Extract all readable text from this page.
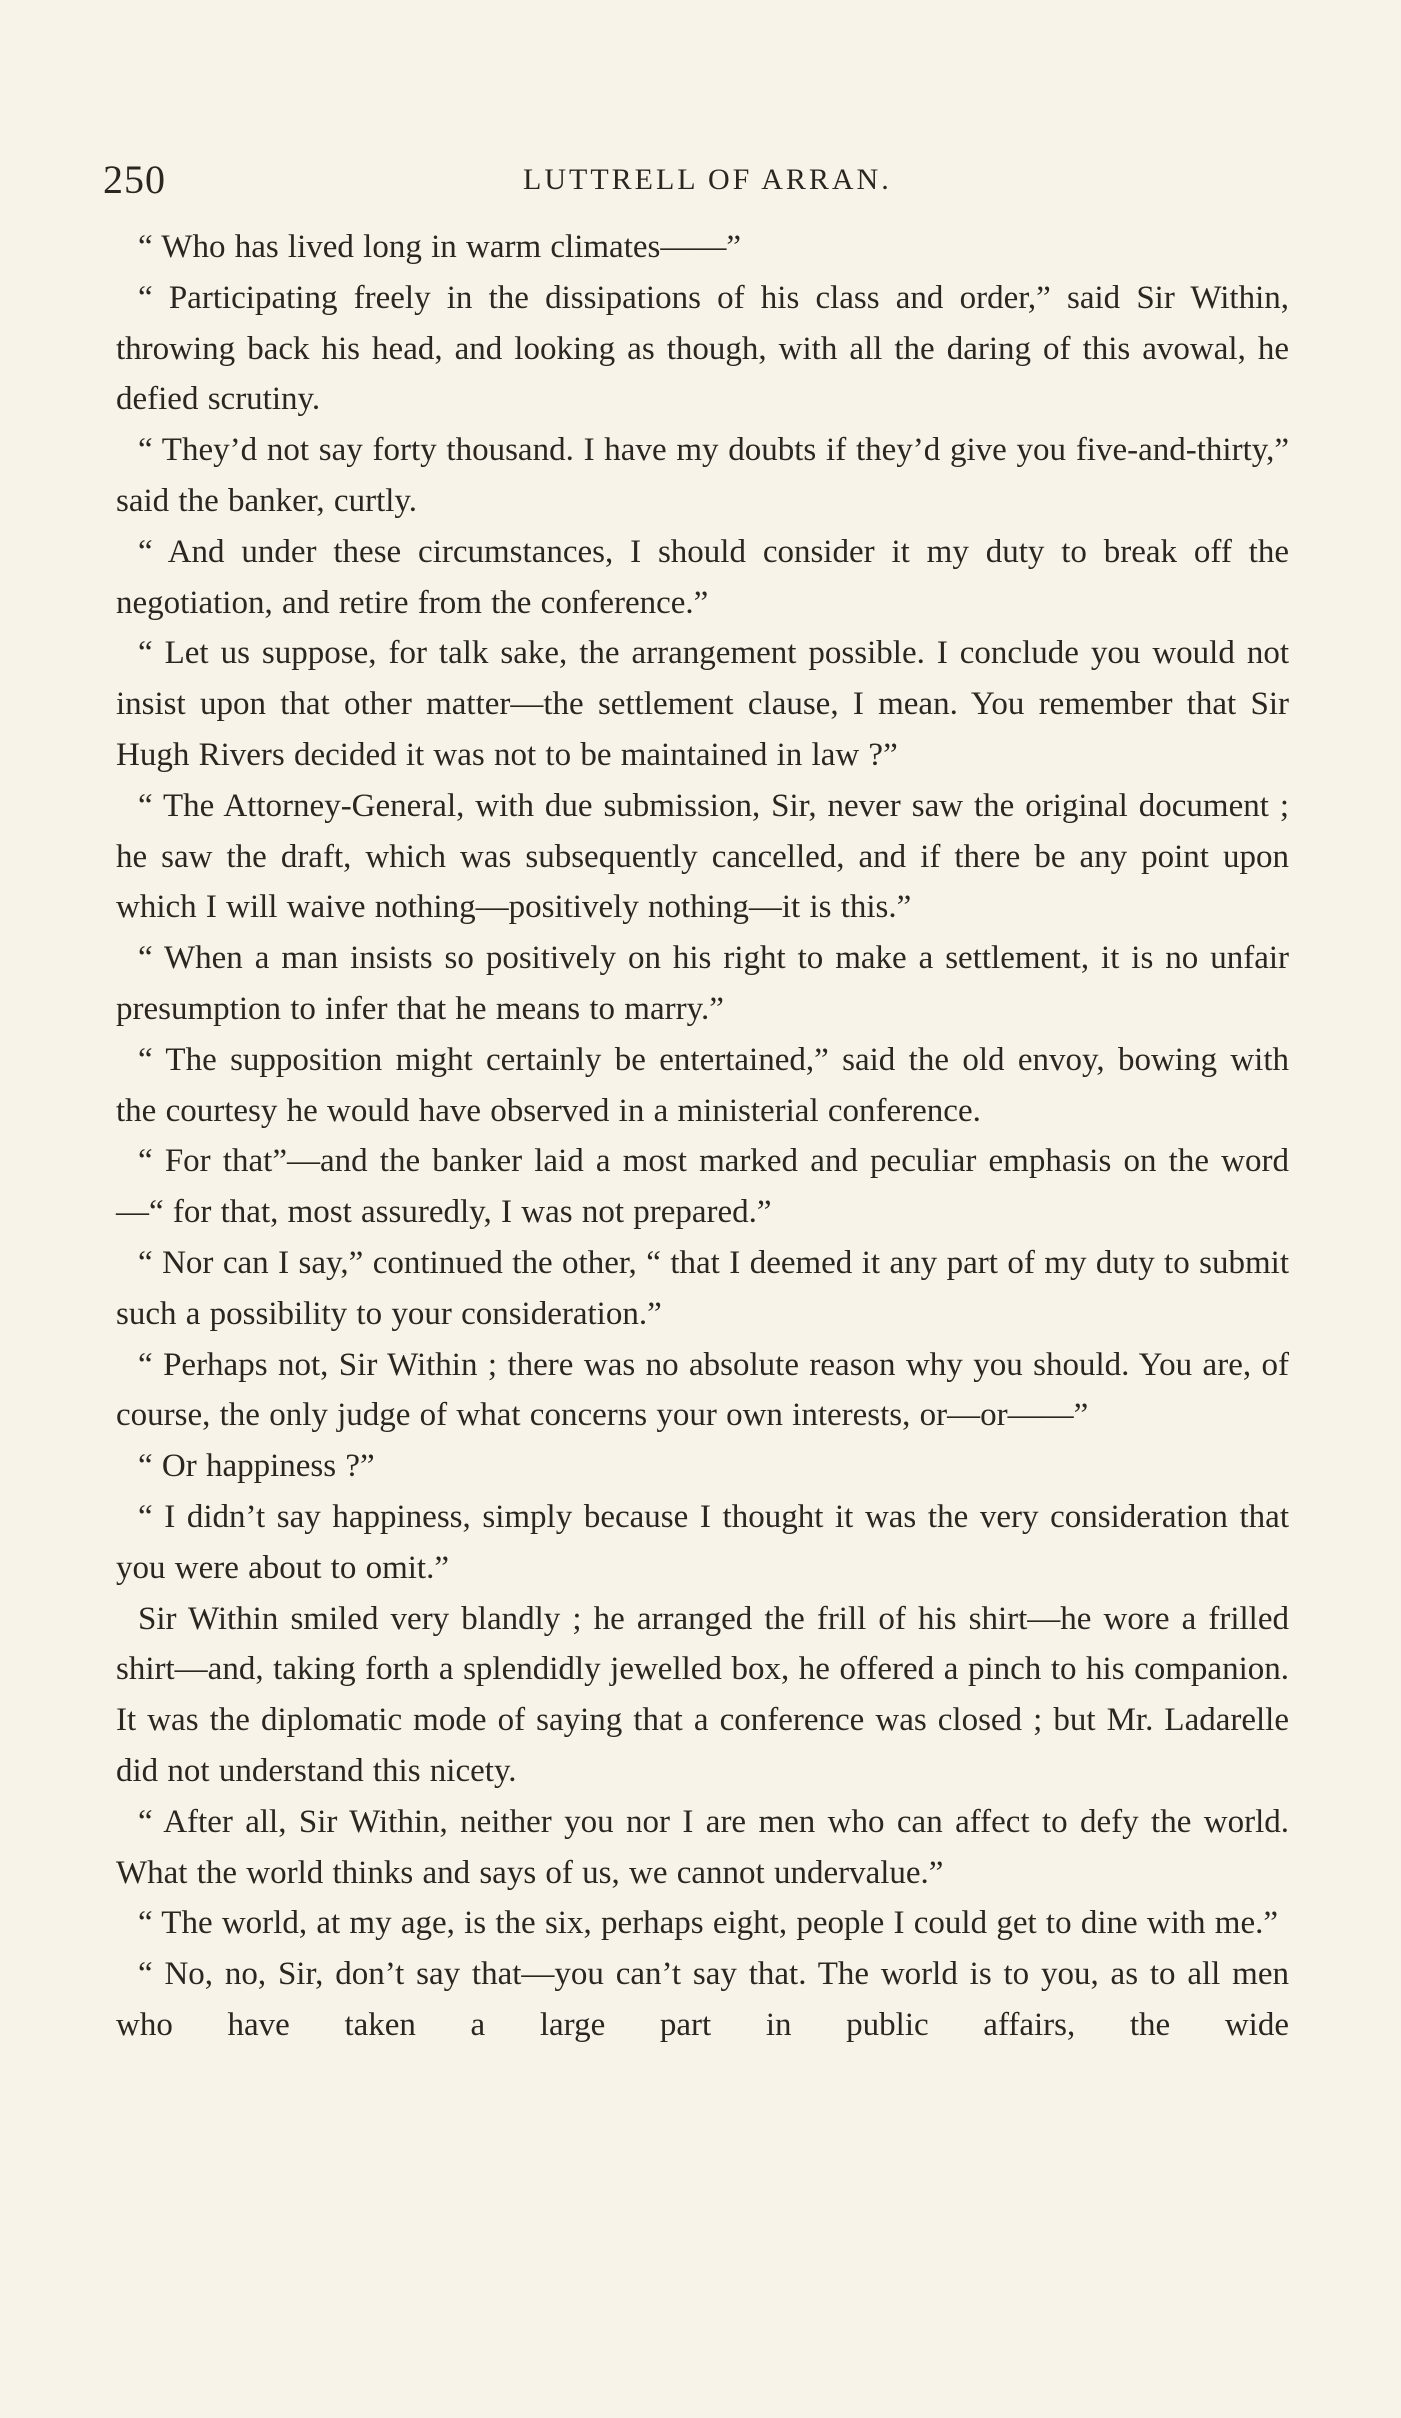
250	LUTTRELL OF ARRAN.

“ Who has lived long in warm climates——”

“ Participating freely in the dissipations of his class and order,” said Sir Within, throwing back his head, and looking as though, with all the daring of this avowal, he defied scrutiny.

“ They’d not say forty thousand. I have my doubts if they’d give you five-and-thirty,” said the banker, curtly.

“ And under these circumstances, I should consider it my duty to break off the negotiation, and retire from the conference.”

“ Let us suppose, for talk sake, the arrangement possible. I conclude you would not insist upon that other matter—the settlement clause, I mean. You remember that Sir Hugh Rivers decided it was not to be maintained in law ?”

“ The Attorney-General, with due submission, Sir, never saw the original document ; he saw the draft, which was subsequently cancelled, and if there be any point upon which I will waive nothing—positively nothing—it is this.”

“ When a man insists so positively on his right to make a settlement, it is no unfair presumption to infer that he means to marry.”

“ The supposition might certainly be entertained,” said the old envoy, bowing with the courtesy he would have observed in a ministerial conference.

“ For that”—and the banker laid a most marked and peculiar emphasis on the word—“ for that, most assuredly, I was not prepared.”

“ Nor can I say,” continued the other, “ that I deemed it any part of my duty to submit such a possibility to your consideration.”

“ Perhaps not, Sir Within ; there was no absolute reason why you should. You are, of course, the only judge of what concerns your own interests, or—or——”

“ Or happiness ?”

“ I didn’t say happiness, simply because I thought it was the very consideration that you were about to omit.”

Sir Within smiled very blandly ; he arranged the frill of his shirt—he wore a frilled shirt—and, taking forth a splendidly jewelled box, he offered a pinch to his companion. It was the diplomatic mode of saying that a conference was closed ; but Mr. Ladarelle did not understand this nicety.

“ After all, Sir Within, neither you nor I are men who can affect to defy the world. What the world thinks and says of us, we cannot undervalue.”

“ The world, at my age, is the six, perhaps eight, people I could get to dine with me.”

“ No, no, Sir, don’t say that—you can’t say that. The world is to you, as to all men who have taken a large part in public affairs, the wide
